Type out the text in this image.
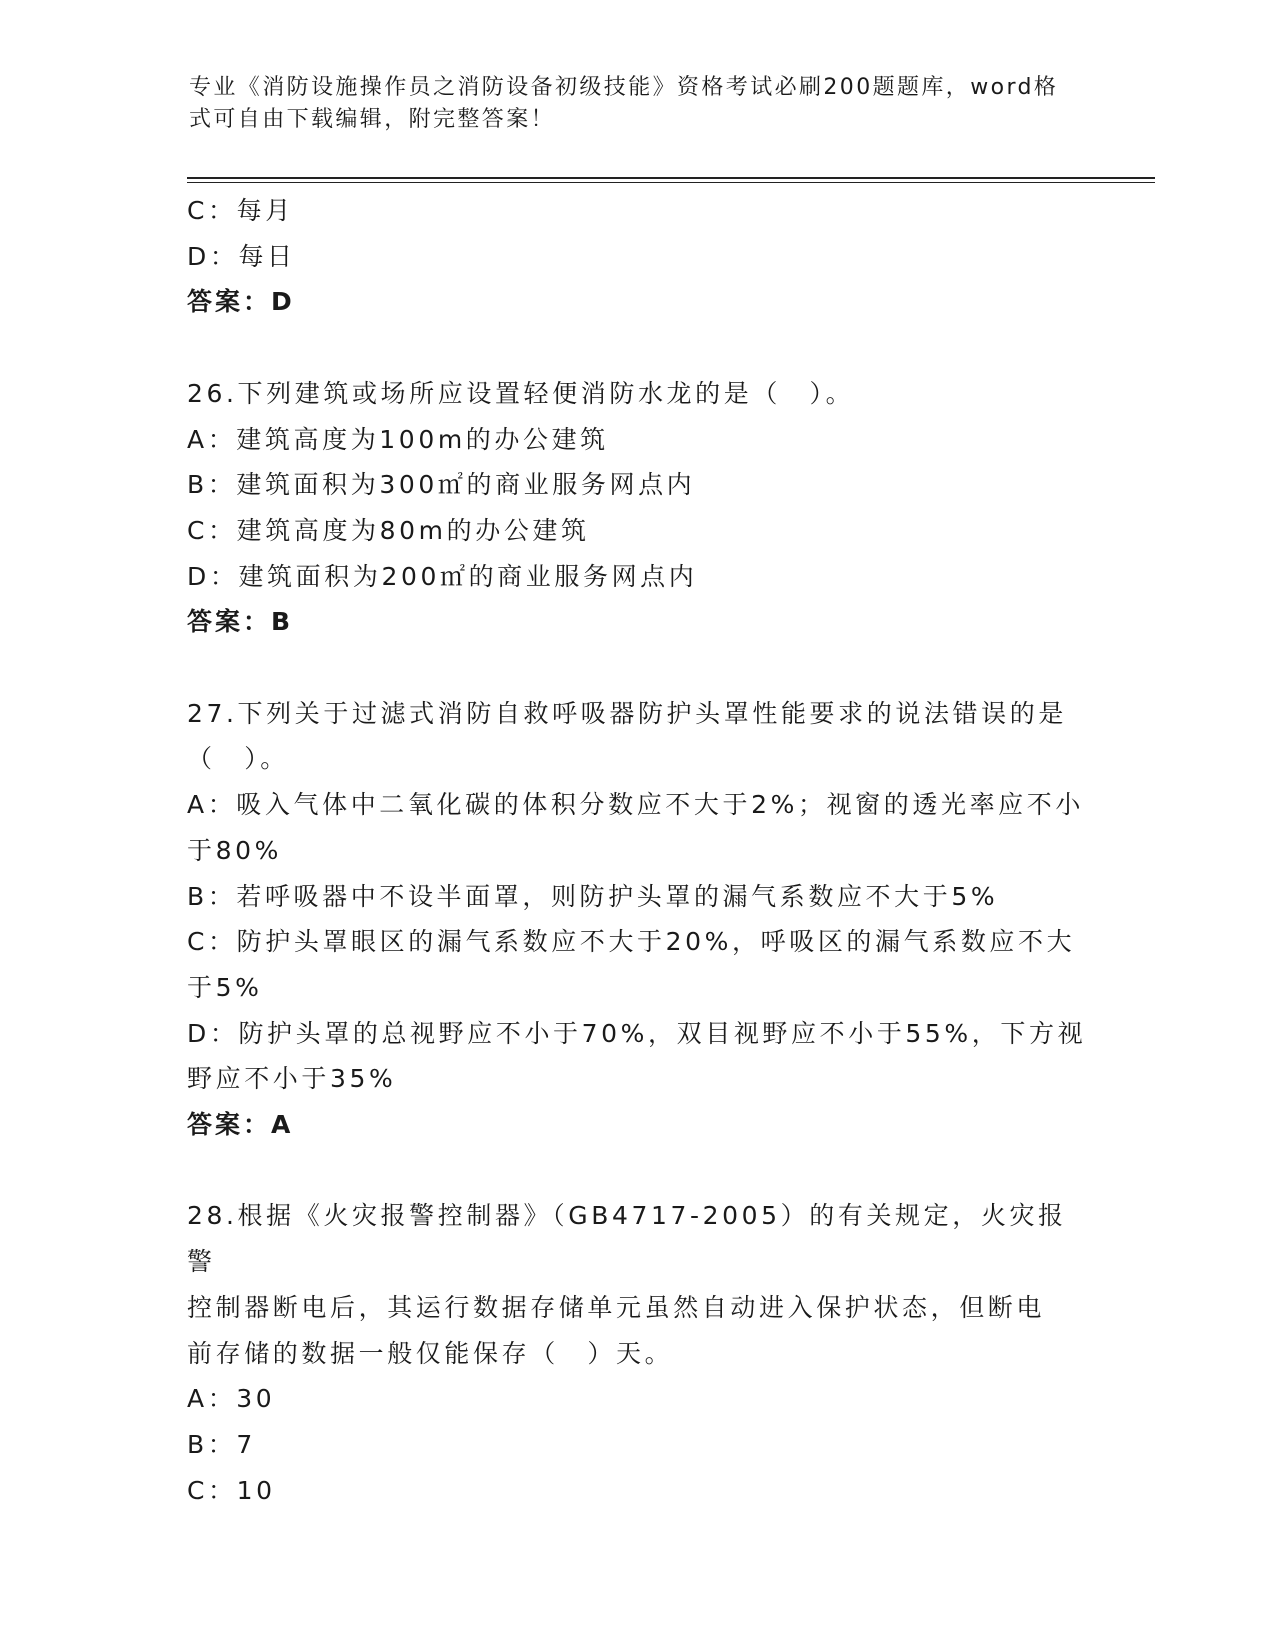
专业《消防设施操作员之消防设备初级技能》资格考试必刷200题题库，word格
式可自由下载编辑，附完整答案！

C：每月

D：每日

答案：D

26.下列建筑或场所应设置轻便消防水龙的是（　）。

A：建筑高度为100m的办公建筑

B：建筑面积为300㎡的商业服务网点内

C：建筑高度为80m的办公建筑

D：建筑面积为200㎡的商业服务网点内

答案：B

27.下列关于过滤式消防自救呼吸器防护头罩性能要求的说法错误的是

（　）。

A：吸入气体中二氧化碳的体积分数应不大于2%；视窗的透光率应不小

于80%

B：若呼吸器中不设半面罩，则防护头罩的漏气系数应不大于5%

C：防护头罩眼区的漏气系数应不大于20%，呼吸区的漏气系数应不大

于5%

D：防护头罩的总视野应不小于70%，双目视野应不小于55%，下方视

野应不小于35%

答案：A

28.根据《火灾报警控制器》（GB4717-2005）的有关规定，火灾报警

控制器断电后，其运行数据存储单元虽然自动进入保护状态，但断电

前存储的数据一般仅能保存（　）天。

A：30

B：7

C：10
